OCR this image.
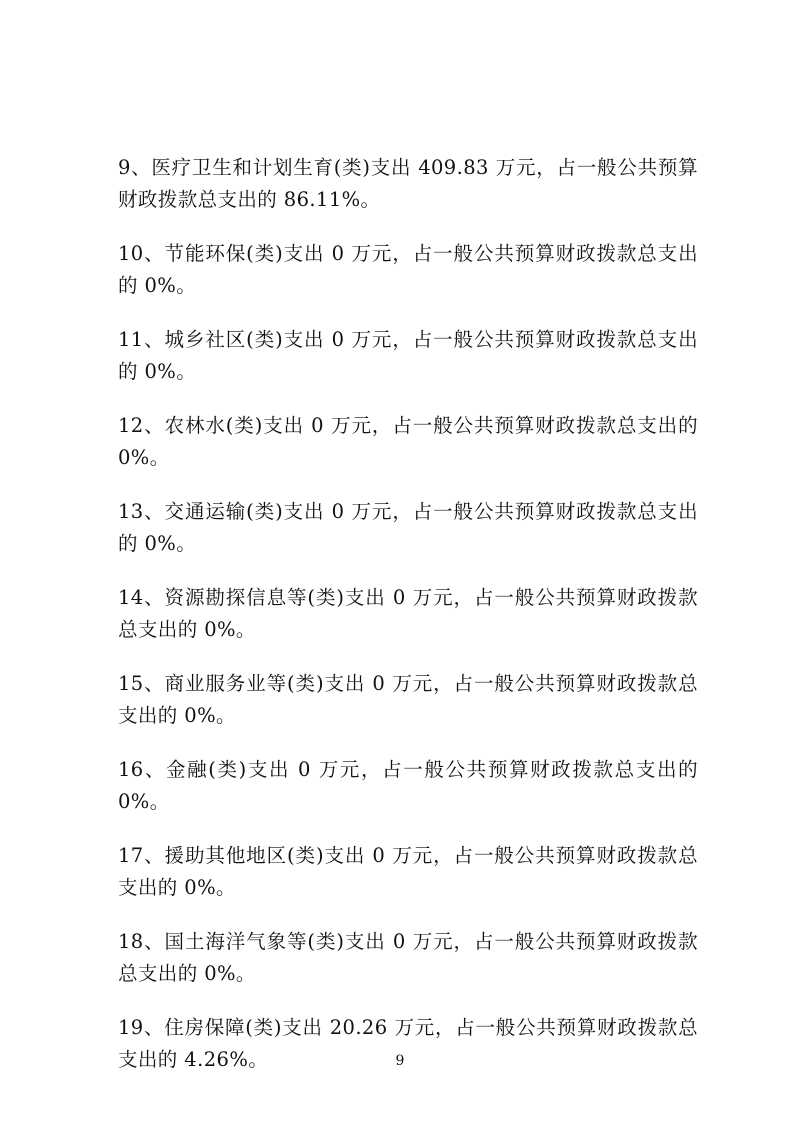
9、医疗卫生和计划生育(类)支出 409.83 万元，占一般公共预算财政拨款总支出的 86.11%。

10、节能环保(类)支出 0 万元，占一般公共预算财政拨款总支出的 0%。

11、城乡社区(类)支出 0 万元，占一般公共预算财政拨款总支出的 0%。

12、农林水(类)支出 0 万元，占一般公共预算财政拨款总支出的 0%。

13、交通运输(类)支出 0 万元，占一般公共预算财政拨款总支出的 0%。

14、资源勘探信息等(类)支出 0 万元，占一般公共预算财政拨款总支出的 0%。

15、商业服务业等(类)支出 0 万元，占一般公共预算财政拨款总支出的 0%。

16、金融(类)支出 0 万元，占一般公共预算财政拨款总支出的 0%。

17、援助其他地区(类)支出 0 万元，占一般公共预算财政拨款总支出的 0%。

18、国土海洋气象等(类)支出 0 万元，占一般公共预算财政拨款总支出的 0%。

19、住房保障(类)支出 20.26 万元，占一般公共预算财政拨款总支出的 4.26%。	9
